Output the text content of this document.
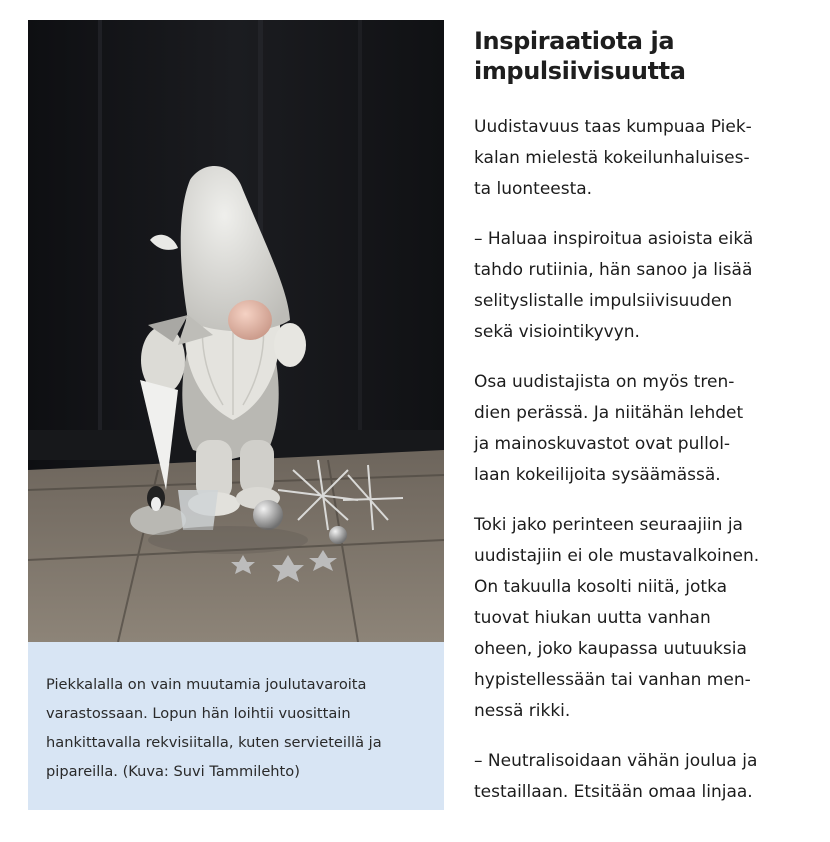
Piekkalalla on vain muutamia joulutavaroita
varastossaan. Lopun hän loihtii vuosittain
hankittavalla rekvisiitalla, kuten servieteillä ja
pipareilla. (Kuva: Suvi Tammilehto)
Inspiraatiota ja
impulsiivisuutta

Uudistavuus taas kumpuaa Piek-
kalan mielestä kokeilunhaluises-
ta luonteesta.

– Haluaa inspiroitua asioista eikä
tahdo rutiinia, hän sanoo ja lisää
selityslistalle impulsiivisuuden
sekä visiointikyvyn.

Osa uudistajista on myös tren-
dien perässä. Ja niitähän lehdet
ja mainoskuvastot ovat pullol-
laan kokeilijoita sysäämässä.

Toki jako perinteen seuraajiin ja
uudistajiin ei ole mustavalkoinen.
On takuulla kosolti niitä, jotka
tuovat hiukan uutta vanhan
oheen, joko kaupassa uutuuksia
hypistellessään tai vanhan men-
nessä rikki.

– Neutralisoidaan vähän joulua ja
testaillaan. Etsitään omaa linjaa.
